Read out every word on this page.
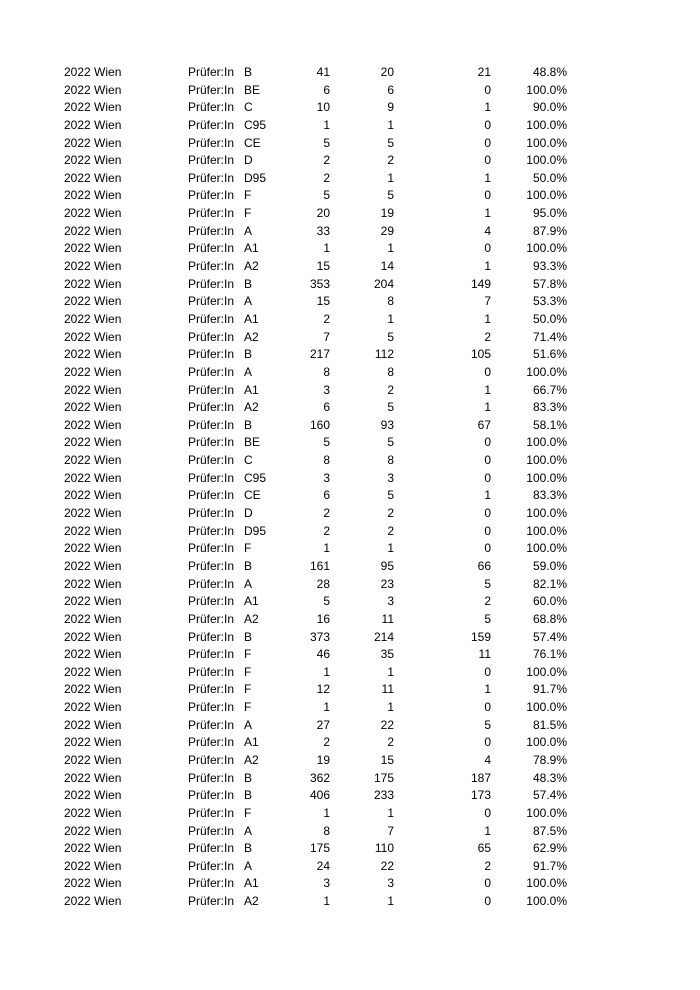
2022 Wien	Prüfer:In B	41	20	21	48.8%
2022 Wien	Prüfer:In BE	6	6	0	100.0%
2022 Wien	Prüfer:In C	10	9	1	90.0%
2022 Wien	Prüfer:In C95	1	1	0	100.0%
2022 Wien	Prüfer:In CE	5	5	0	100.0%
2022 Wien	Prüfer:In D	2	2	0	100.0%
2022 Wien	Prüfer:In D95	2	1	1	50.0%
2022 Wien	Prüfer:In F	5	5	0	100.0%
2022 Wien	Prüfer:In F	20	19	1	95.0%
2022 Wien	Prüfer:In A	33	29	4	87.9%
2022 Wien	Prüfer:In A1	1	1	0	100.0%
2022 Wien	Prüfer:In A2	15	14	1	93.3%
2022 Wien	Prüfer:In B	353	204	149	57.8%
2022 Wien	Prüfer:In A	15	8	7	53.3%
2022 Wien	Prüfer:In A1	2	1	1	50.0%
2022 Wien	Prüfer:In A2	7	5	2	71.4%
2022 Wien	Prüfer:In B	217	112	105	51.6%
2022 Wien	Prüfer:In A	8	8	0	100.0%
2022 Wien	Prüfer:In A1	3	2	1	66.7%
2022 Wien	Prüfer:In A2	6	5	1	83.3%
2022 Wien	Prüfer:In B	160	93	67	58.1%
2022 Wien	Prüfer:In BE	5	5	0	100.0%
2022 Wien	Prüfer:In C	8	8	0	100.0%
2022 Wien	Prüfer:In C95	3	3	0	100.0%
2022 Wien	Prüfer:In CE	6	5	1	83.3%
2022 Wien	Prüfer:In D	2	2	0	100.0%
2022 Wien	Prüfer:In D95	2	2	0	100.0%
2022 Wien	Prüfer:In F	1	1	0	100.0%
2022 Wien	Prüfer:In B	161	95	66	59.0%
2022 Wien	Prüfer:In A	28	23	5	82.1%
2022 Wien	Prüfer:In A1	5	3	2	60.0%
2022 Wien	Prüfer:In A2	16	11	5	68.8%
2022 Wien	Prüfer:In B	373	214	159	57.4%
2022 Wien	Prüfer:In F	46	35	11	76.1%
2022 Wien	Prüfer:In F	1	1	0	100.0%
2022 Wien	Prüfer:In F	12	11	1	91.7%
2022 Wien	Prüfer:In F	1	1	0	100.0%
2022 Wien	Prüfer:In A	27	22	5	81.5%
2022 Wien	Prüfer:In A1	2	2	0	100.0%
2022 Wien	Prüfer:In A2	19	15	4	78.9%
2022 Wien	Prüfer:In B	362	175	187	48.3%
2022 Wien	Prüfer:In B	406	233	173	57.4%
2022 Wien	Prüfer:In F	1	1	0	100.0%
2022 Wien	Prüfer:In A	8	7	1	87.5%
2022 Wien	Prüfer:In B	175	110	65	62.9%
2022 Wien	Prüfer:In A	24	22	2	91.7%
2022 Wien	Prüfer:In A1	3	3	0	100.0%
2022 Wien	Prüfer:In A2	1	1	0	100.0%
